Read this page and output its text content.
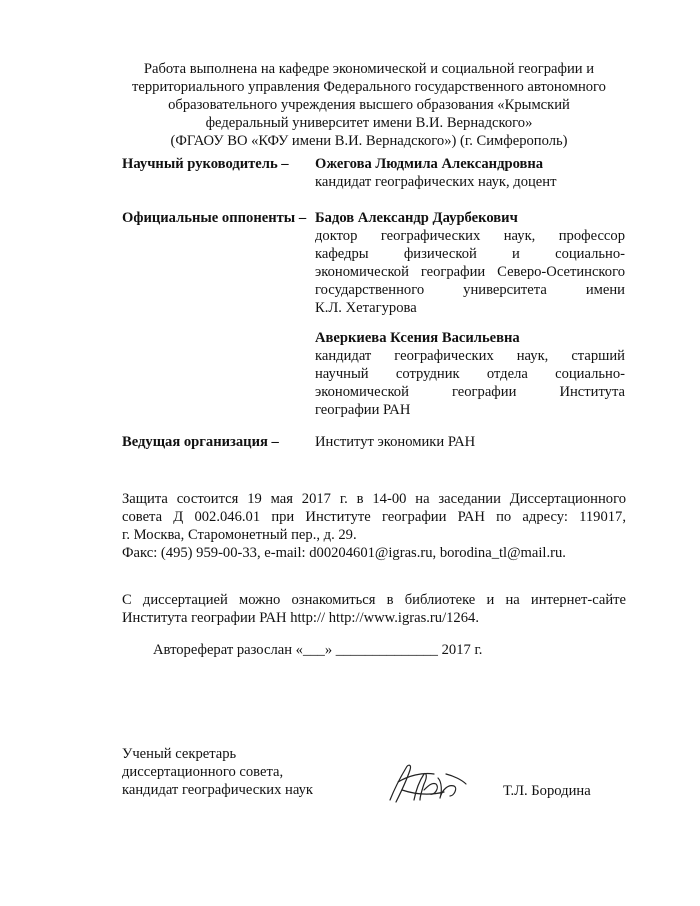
Работа выполнена на кафедре экономической и социальной географии и
территориального управления Федерального государственного автономного
образовательного учреждения высшего образования «Крымский
федеральный университет имени В.И. Вернадского»
(ФГАОУ ВО «КФУ имени В.И. Вернадского») (г. Симферополь)
Научный руководитель – Ожегова Людмила Александровна
кандидат географических наук, доцент
Официальные оппоненты – Бадов Александр Даурбекович
доктор географических наук, профессор
кафедры физической и социально-
экономической географии Северо-Осетинского
государственного университета имени
К.Л. Хетагурова
Аверкиева Ксения Васильевна
кандидат географических наук, старший
научный сотрудник отдела социально-
экономической географии Института
географии РАН
Ведущая организация – Институт экономики РАН
Защита состоится 19 мая 2017 г. в 14-00 на заседании Диссертационного
совета Д 002.046.01 при Институте географии РАН по адресу: 119017,
г. Москва, Старомонетный пер., д. 29.
Факс: (495) 959-00-33, e-mail: d00204601@igras.ru, borodina_tl@mail.ru.
С диссертацией можно ознакомиться в библиотеке и на интернет-сайте
Института географии РАН http:// http://www.igras.ru/1264.
Автореферат разослан «___» ______________ 2017 г.
Ученый секретарь
диссертационного совета,
кандидат географических наук	Т.Л. Бородина
